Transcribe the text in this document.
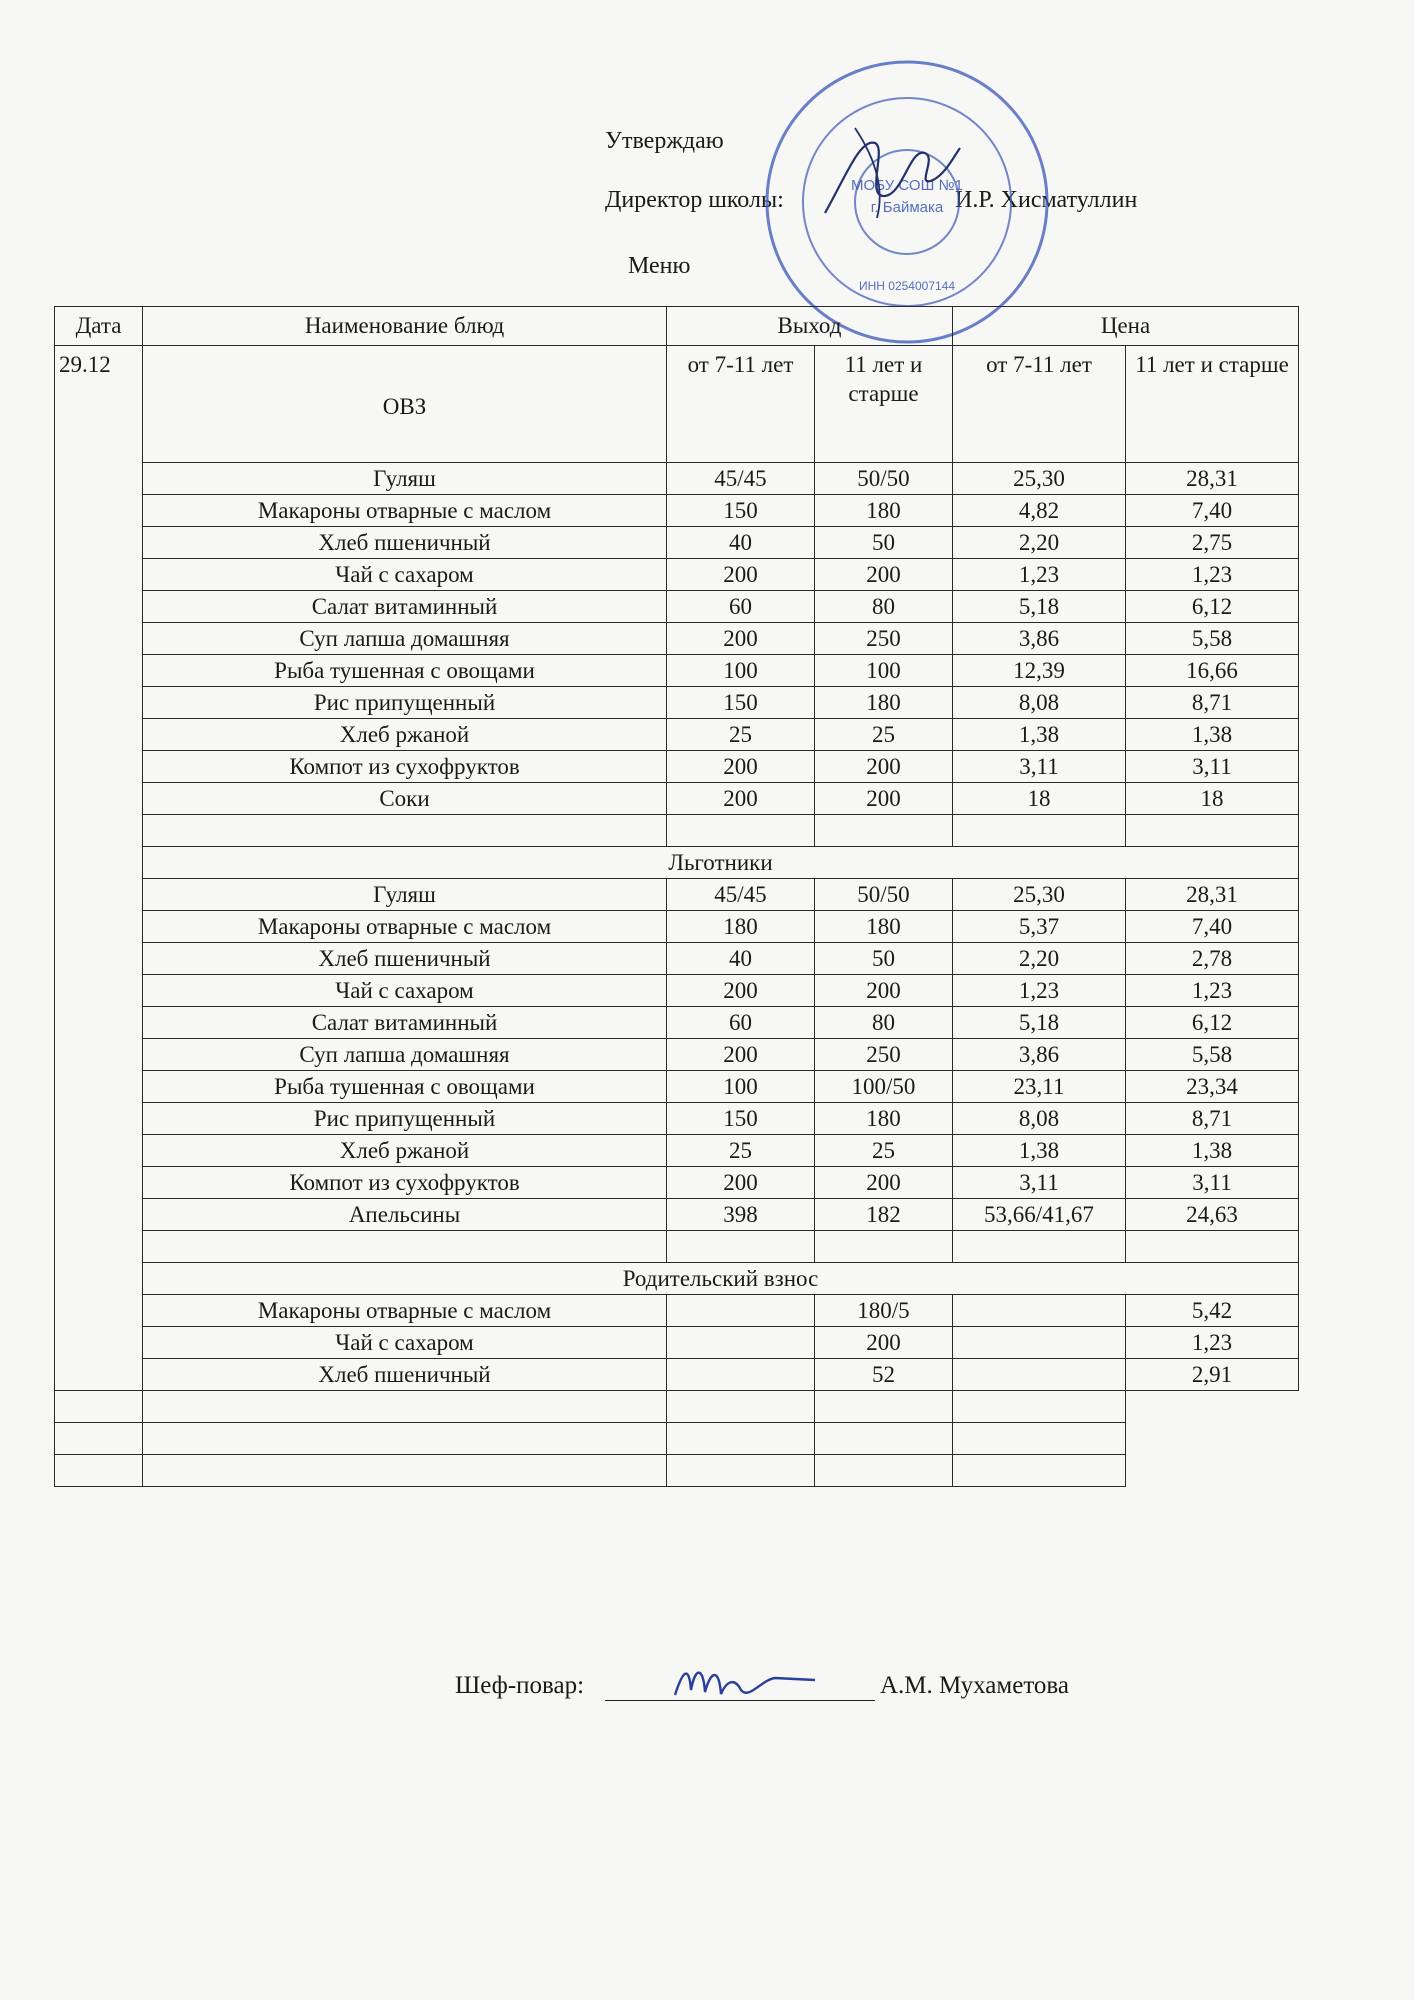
Утверждаю
Директор школы:	И.Р. Хисматуллин
Меню
МОБУ СОШ №1
г. Баймака
ИНН 0254007144
Дата	Наименование блюд	Выход		Цена	
29.12	ОВЗ	от 7-11 лет	11 лет и старше	от 7-11 лет	11 лет и старше
	Гуляш	45/45	50/50	25,30	28,31
	Макароны отварные с маслом	150	180	4,82	7,40
	Хлеб пшеничный	40	50	2,20	2,75
	Чай с сахаром	200	200	1,23	1,23
	Салат витаминный	60	80	5,18	6,12
	Суп лапша домашняя	200	250	3,86	5,58
	Рыба тушенная с овощами	100	100	12,39	16,66
	Рис припущенный	150	180	8,08	8,71
	Хлеб ржаной	25	25	1,38	1,38
	Компот из сухофруктов	200	200	3,11	3,11
	Соки	200	200	18	18

	Льготники				
	Гуляш	45/45	50/50	25,30	28,31
	Макароны отварные с маслом	180	180	5,37	7,40
	Хлеб пшеничный	40	50	2,20	2,78
	Чай с сахаром	200	200	1,23	1,23
	Салат витаминный	60	80	5,18	6,12
	Суп лапша домашняя	200	250	3,86	5,58
	Рыба тушенная с овощами	100	100/50	23,11	23,34
	Рис припущенный	150	180	8,08	8,71
	Хлеб ржаной	25	25	1,38	1,38
	Компот из сухофруктов	200	200	3,11	3,11
	Апельсины	398	182	53,66/41,67	24,63

	Родительский взнос				
	Макароны отварные с маслом		180/5		5,42
	Чай с сахаром		200		1,23
	Хлеб пшеничный		52		2,91

Шеф-повар:	А.М. Мухаметова
